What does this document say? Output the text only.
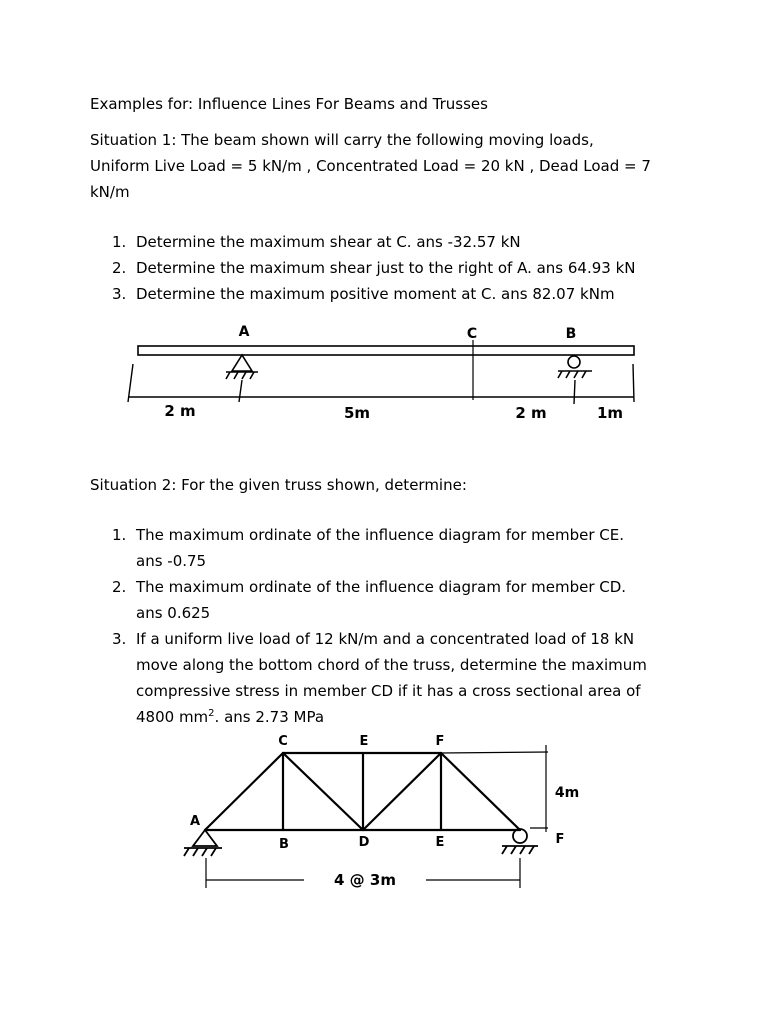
Examples for: Influence Lines For Beams and Trusses
Situation 1: The beam shown will carry the following moving loads,
Uniform Live Load = 5 kN/m , Concentrated Load = 20 kN , Dead Load = 7
kN/m
1. Determine the maximum shear at C. ans -32.57 kN
2. Determine the maximum shear just to the right of A. ans 64.93 kN
3. Determine the maximum positive moment at C. ans 82.07 kNm
A	C	B
2 m	5m	2 m	1m
Situation 2: For the given truss shown, determine:
1. The maximum ordinate of the influence diagram for member CE.
ans -0.75
2. The maximum ordinate of the influence diagram for member CD.
ans 0.625
3. If a uniform live load of 12 kN/m and a concentrated load of 18 kN
move along the bottom chord of the truss, determine the maximum
compressive stress in member CD if it has a cross sectional area of
4800 $mm^2$. ans 2.73 MPa
C	E	F
A
B	D	E	F
4m
4 @ 3m
